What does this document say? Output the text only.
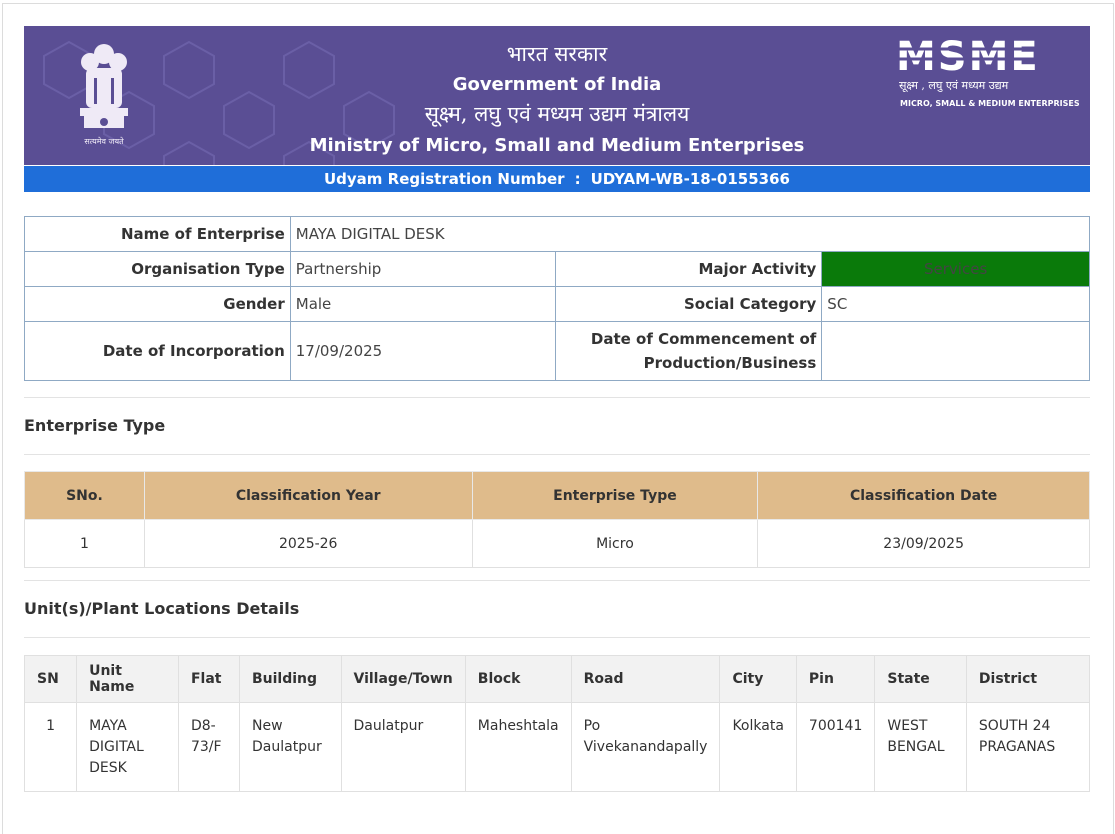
सत्यमेव जयते
भारत सरकार
Government of India
सूक्ष्म, लघु एवं मध्यम उद्यम मंत्रालय
Ministry of Micro, Small and Medium Enterprises
MSME
सूक्ष्म , लघु एवं मध्यम उद्यम
MICRO, SMALL & MEDIUM ENTERPRISES
Udyam Registration Number : UDYAM-WB-18-0155366
Name of Enterprise	MAYA DIGITAL DESK		
Organisation Type	Partnership	Major Activity	Services
Gender	Male	Social Category	SC
Date of Incorporation	17/09/2025	Date of Commencement of Production/Business	
Enterprise Type
SNo.	Classification Year	Enterprise Type	Classification Date
1	2025-26	Micro	23/09/2025
Unit(s)/Plant Locations Details
SN	Unit Name	Flat	Building	Village/Town	Block	Road	City	Pin	State	District
1	MAYA DIGITAL DESK	D8-73/F	New Daulatpur	Daulatpur	Maheshtala	Po Vivekanandapally	Kolkata	700141	WEST BENGAL	SOUTH 24 PRAGANAS
